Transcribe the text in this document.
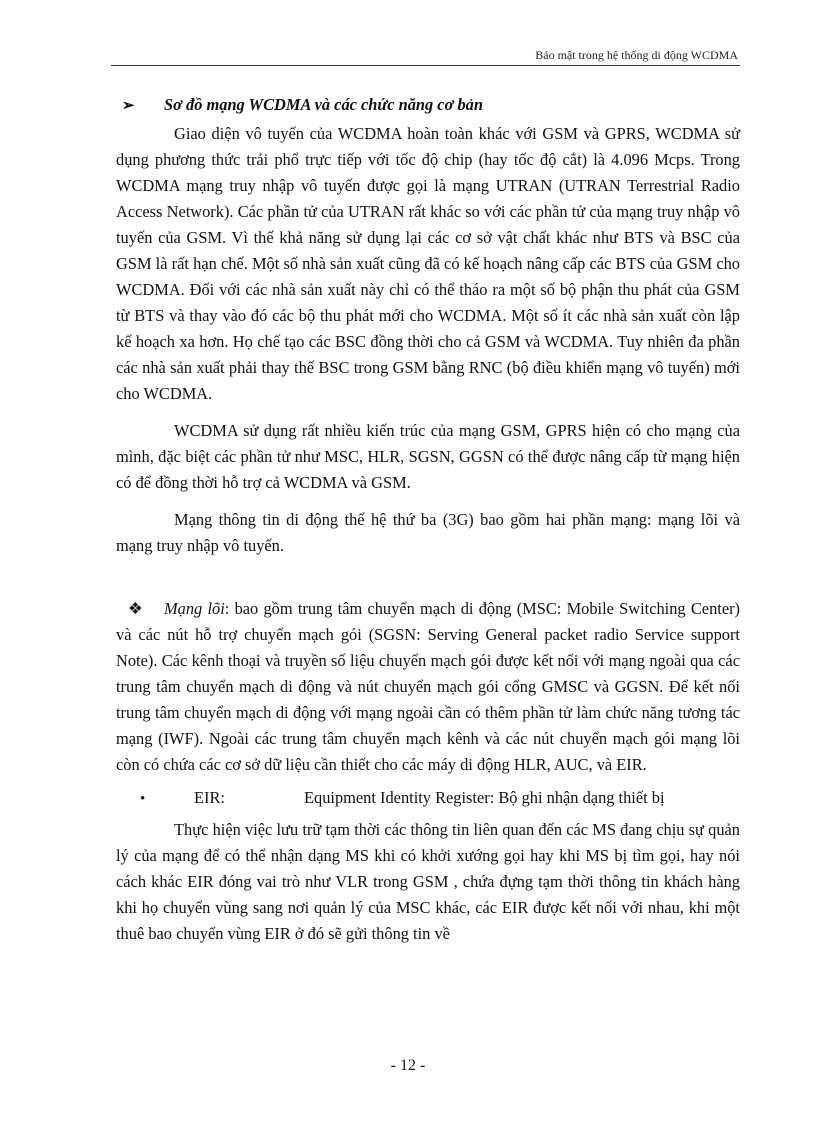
Bảo mật trong hệ thống di động WCDMA

➢	Sơ đồ mạng WCDMA và các chức năng cơ bản

Giao diện vô tuyến của WCDMA hoàn toàn khác với GSM và GPRS, WCDMA sử dụng phương thức trải phổ trực tiếp với tốc độ chip (hay tốc độ cắt) là 4.096 Mcps. Trong WCDMA mạng truy nhập vô tuyến được gọi là mạng UTRAN (UTRAN Terrestrial Radio Access Network). Các phần tử của UTRAN rất khác so với các phần tử của mạng truy nhập vô tuyến của GSM. Vì thế khả năng sử dụng lại các cơ sở vật chất khác như BTS và BSC của GSM là rất hạn chế. Một số nhà sản xuất cũng đã có kế hoạch nâng cấp các BTS của GSM cho WCDMA. Đối với các nhà sản xuất này chỉ có thể tháo ra một số bộ phận thu phát của GSM từ BTS và thay vào đó các bộ thu phát mới cho WCDMA. Một số ít các nhà sản xuất còn lập kế hoạch xa hơn. Họ chế tạo các BSC đồng thời cho cả GSM và WCDMA. Tuy nhiên đa phần các nhà sản xuất phải thay thế BSC trong GSM bằng RNC (bộ điều khiển mạng vô tuyến) mới cho WCDMA.

WCDMA sử dụng rất nhiều kiến trúc của mạng GSM, GPRS hiện có cho mạng của mình, đặc biệt các phần tử như MSC, HLR, SGSN, GGSN có thể được nâng cấp từ mạng hiện có để đồng thời hỗ trợ cả WCDMA và GSM.

Mạng thông tin di động thế hệ thứ ba (3G) bao gồm hai phần mạng: mạng lõi và mạng truy nhập vô tuyến.

❖ Mạng lõi: bao gồm trung tâm chuyển mạch di động (MSC: Mobile Switching Center) và các nút hỗ trợ chuyển mạch gói (SGSN: Serving General packet radio Service support Note). Các kênh thoại và truyền số liệu chuyển mạch gói được kết nối với mạng ngoài qua các trung tâm chuyển mạch di động và nút chuyển mạch gói cổng GMSC và GGSN. Để kết nối trung tâm chuyển mạch di động với mạng ngoài cần có thêm phần tử làm chức năng tương tác mạng (IWF). Ngoài các trung tâm chuyển mạch kênh và các nút chuyển mạch gói mạng lõi còn có chứa các cơ sở dữ liệu cần thiết cho các máy di động HLR, AUC, và EIR.

•	EIR:	Equipment Identity Register: Bộ ghi nhận dạng thiết bị

Thực hiện việc lưu trữ tạm thời các thông tin liên quan đến các MS đang chịu sự quản lý của mạng để có thể nhận dạng MS khi có khởi xướng gọi hay khi MS bị tìm gọi, hay nói cách khác EIR đóng vai trò như VLR trong GSM , chứa đựng tạm thời thông tin khách hàng khi họ chuyển vùng sang nơi quản lý của MSC khác, các EIR được kết nối với nhau, khi một thuê bao chuyển vùng EIR ở đó sẽ gửi thông tin về

- 12 -
